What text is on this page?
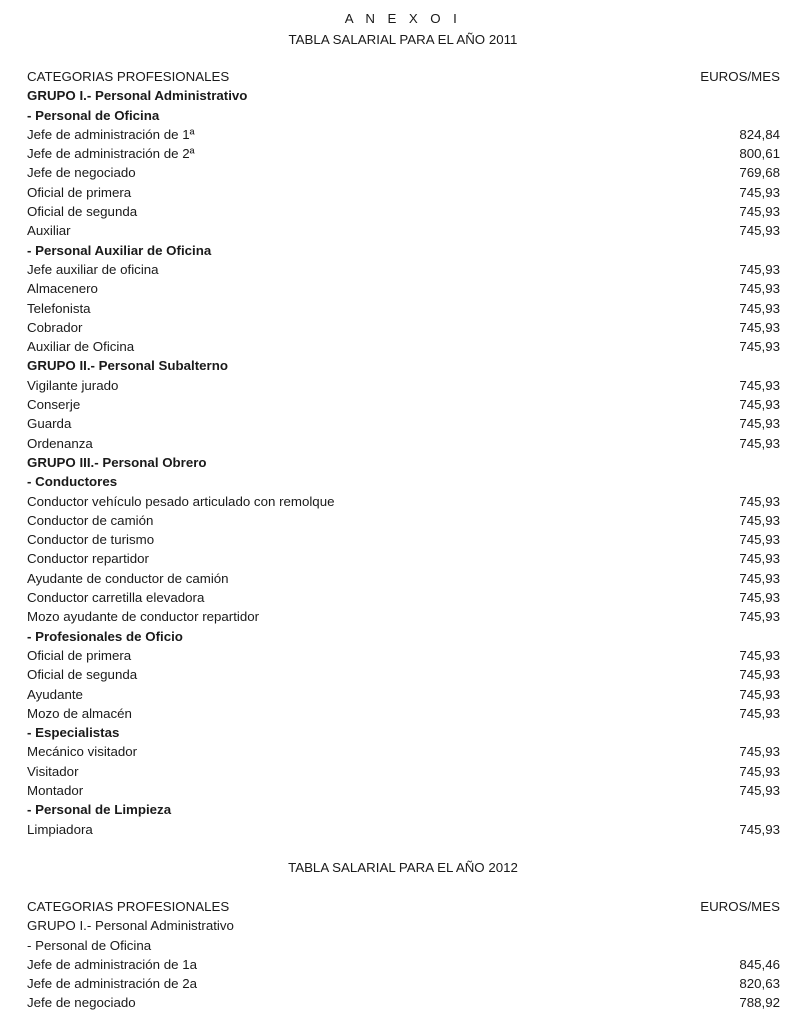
A N E X O I
TABLA SALARIAL PARA EL AÑO 2011
CATEGORIAS PROFESIONALES	EUROS/MES
GRUPO I.- Personal Administrativo
- Personal de Oficina
Jefe de administración de 1ª	824,84
Jefe de administración de 2ª	800,61
Jefe de negociado	769,68
Oficial de primera	745,93
Oficial de segunda	745,93
Auxiliar	745,93
- Personal Auxiliar de Oficina
Jefe auxiliar de oficina	745,93
Almacenero	745,93
Telefonista	745,93
Cobrador	745,93
Auxiliar de Oficina	745,93
GRUPO II.- Personal Subalterno
Vigilante jurado	745,93
Conserje	745,93
Guarda	745,93
Ordenanza	745,93
GRUPO III.- Personal Obrero
- Conductores
Conductor vehículo pesado articulado con remolque	745,93
Conductor de camión	745,93
Conductor de turismo	745,93
Conductor repartidor	745,93
Ayudante de conductor de camión	745,93
Conductor carretilla elevadora	745,93
Mozo ayudante de conductor repartidor	745,93
- Profesionales de Oficio
Oficial de primera	745,93
Oficial de segunda	745,93
Ayudante	745,93
Mozo de almacén	745,93
- Especialistas
Mecánico visitador	745,93
Visitador	745,93
Montador	745,93
- Personal de Limpieza
Limpiadora	745,93
TABLA SALARIAL PARA EL AÑO 2012
CATEGORIAS PROFESIONALES	EUROS/MES
GRUPO I.- Personal Administrativo
- Personal de Oficina
Jefe de administración de 1a	845,46
Jefe de administración de 2a	820,63
Jefe de negociado	788,92
